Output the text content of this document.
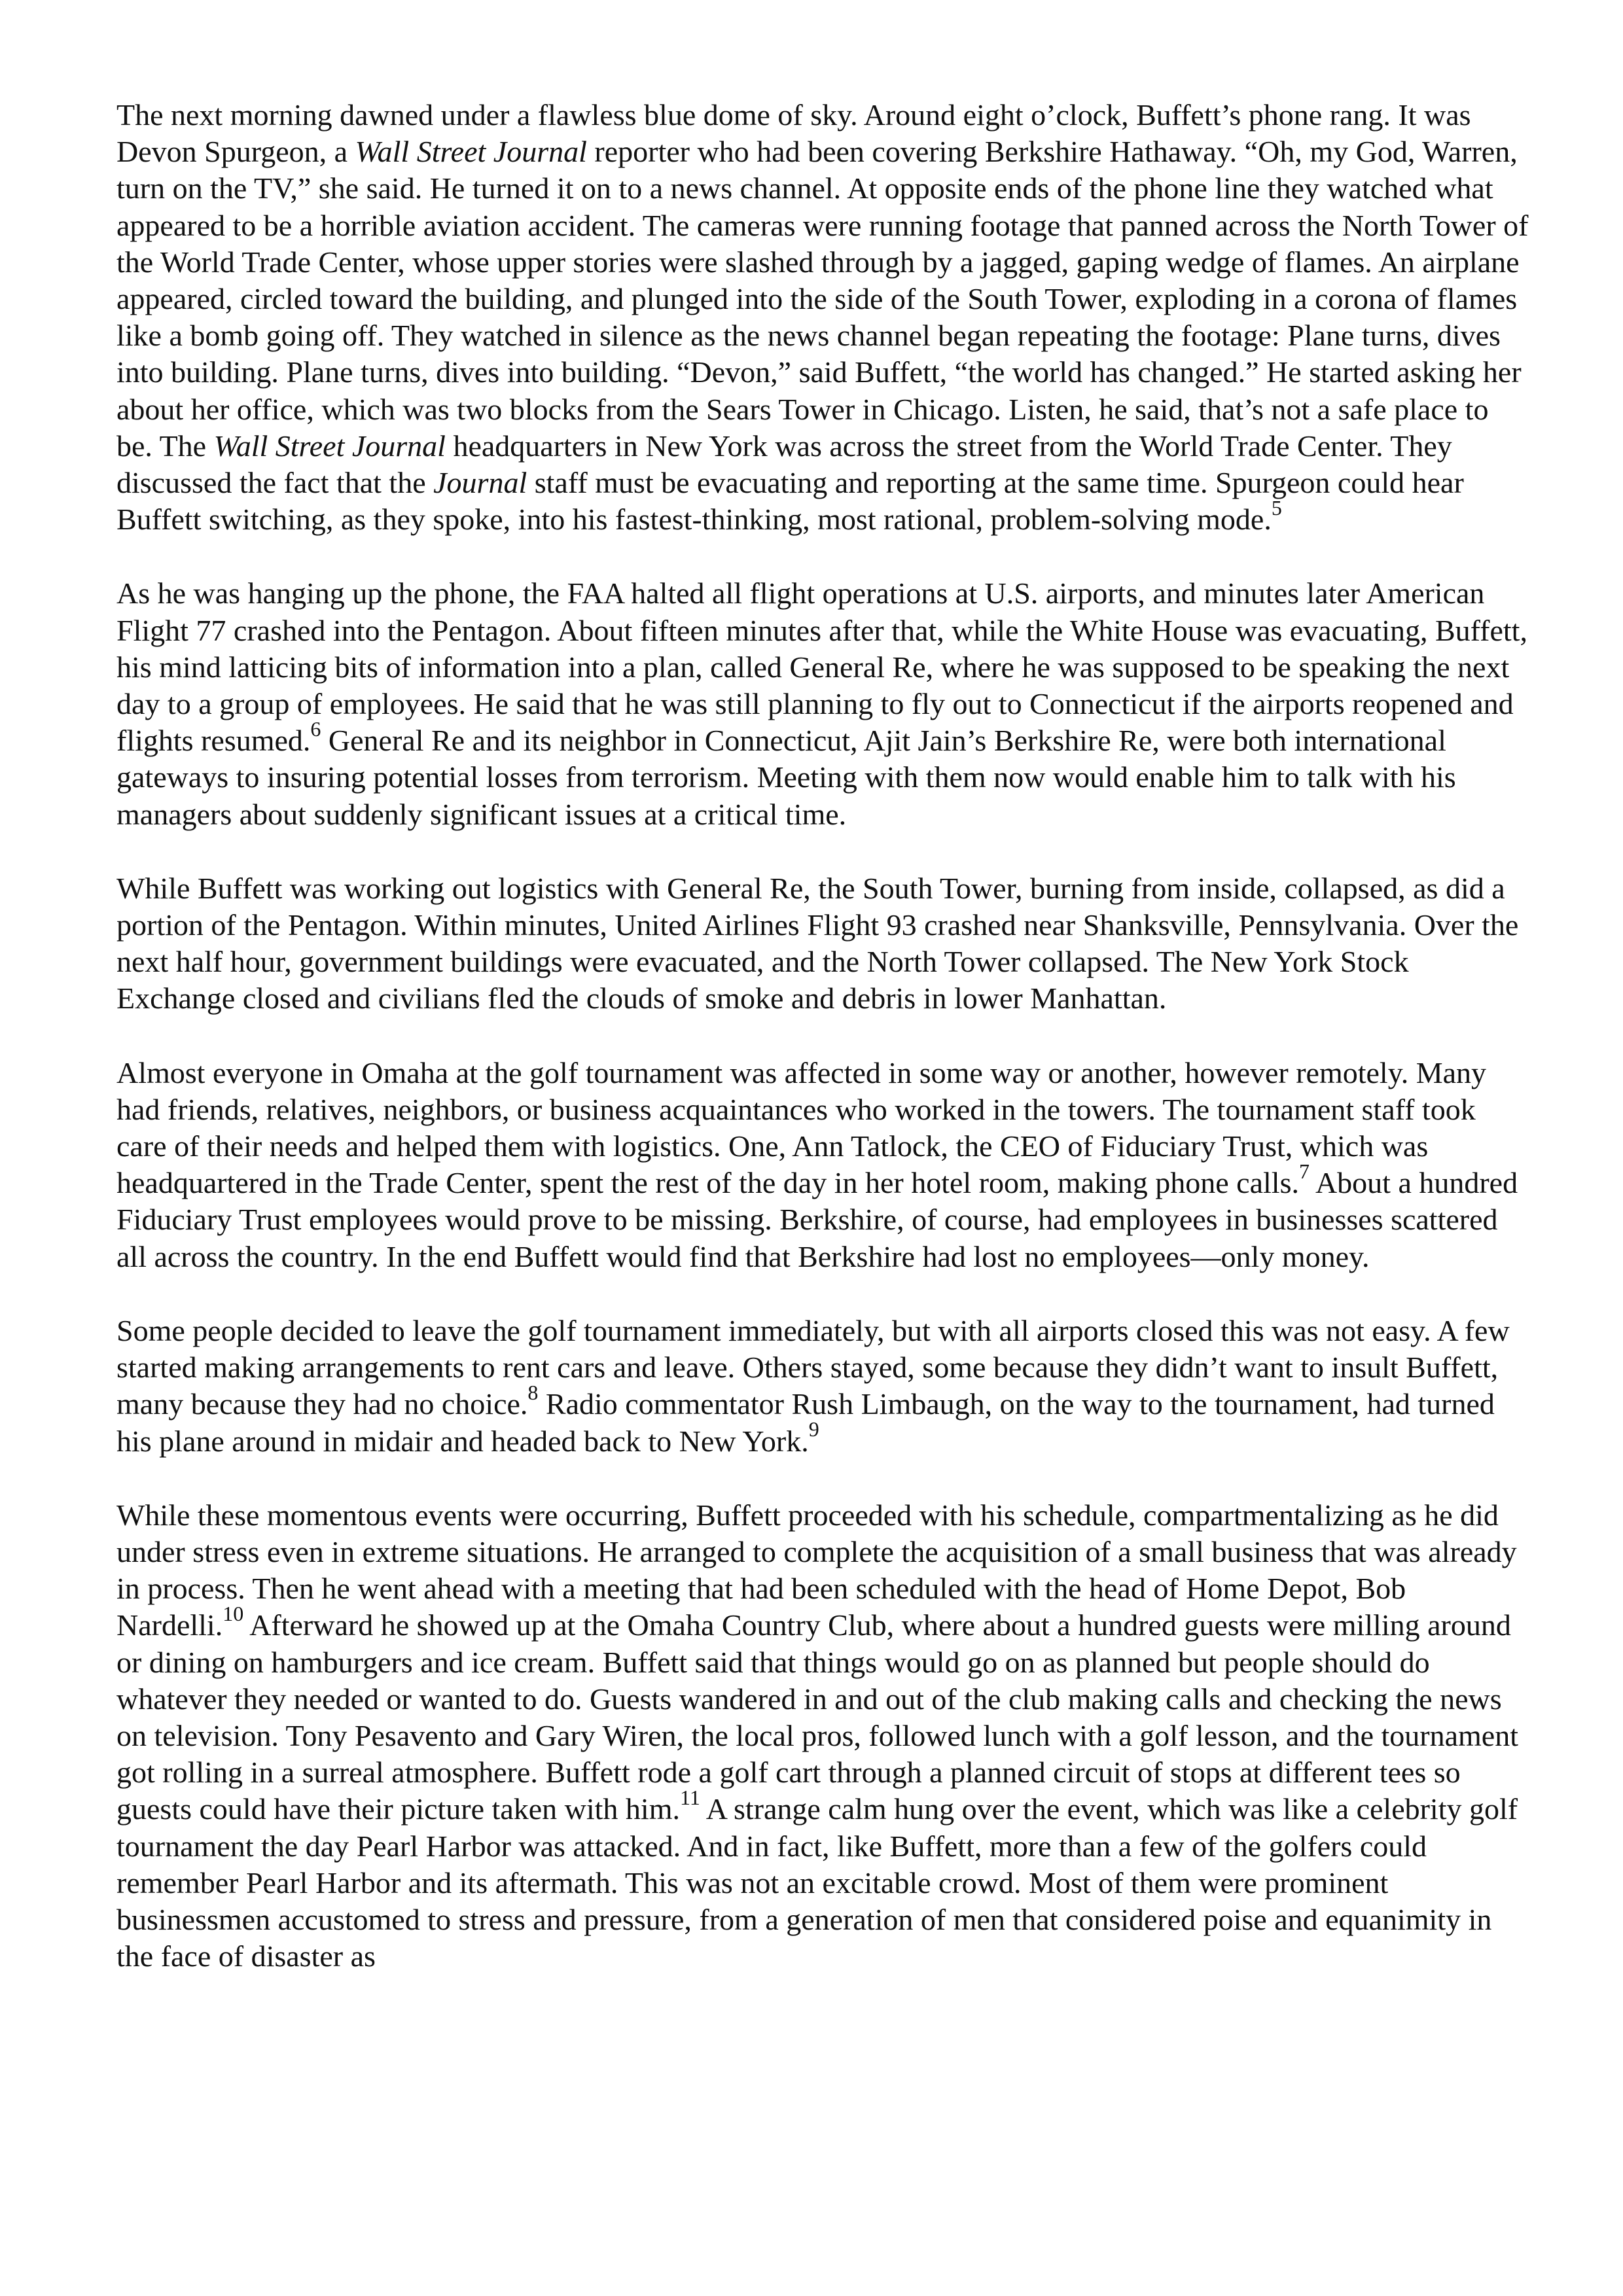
The next morning dawned under a flawless blue dome of sky. Around eight o’clock, Buffett’s phone rang. It was Devon Spurgeon, a Wall Street Journal reporter who had been covering Berkshire Hathaway. “Oh, my God, Warren, turn on the TV,” she said. He turned it on to a news channel. At opposite ends of the phone line they watched what appeared to be a horrible aviation accident. The cameras were running footage that panned across the North Tower of the World Trade Center, whose upper stories were slashed through by a jagged, gaping wedge of flames. An airplane appeared, circled toward the building, and plunged into the side of the South Tower, exploding in a corona of flames like a bomb going off. They watched in silence as the news channel began repeating the footage: Plane turns, dives into building. Plane turns, dives into building. “Devon,” said Buffett, “the world has changed.” He started asking her about her office, which was two blocks from the Sears Tower in Chicago. Listen, he said, that’s not a safe place to be. The Wall Street Journal headquarters in New York was across the street from the World Trade Center. They discussed the fact that the Journal staff must be evacuating and reporting at the same time. Spurgeon could hear Buffett switching, as they spoke, into his fastest-thinking, most rational, problem-solving mode.$^5$

As he was hanging up the phone, the FAA halted all flight operations at U.S. airports, and minutes later American Flight 77 crashed into the Pentagon. About fifteen minutes after that, while the White House was evacuating, Buffett, his mind latticing bits of information into a plan, called General Re, where he was supposed to be speaking the next day to a group of employees. He said that he was still planning to fly out to Connecticut if the airports reopened and flights resumed.$^6$ General Re and its neighbor in Connecticut, Ajit Jain’s Berkshire Re, were both international gateways to insuring potential losses from terrorism. Meeting with them now would enable him to talk with his managers about suddenly significant issues at a critical time.

While Buffett was working out logistics with General Re, the South Tower, burning from inside, collapsed, as did a portion of the Pentagon. Within minutes, United Airlines Flight 93 crashed near Shanksville, Pennsylvania. Over the next half hour, government buildings were evacuated, and the North Tower collapsed. The New York Stock Exchange closed and civilians fled the clouds of smoke and debris in lower Manhattan.

Almost everyone in Omaha at the golf tournament was affected in some way or another, however remotely. Many had friends, relatives, neighbors, or business acquaintances who worked in the towers. The tournament staff took care of their needs and helped them with logistics. One, Ann Tatlock, the CEO of Fiduciary Trust, which was headquartered in the Trade Center, spent the rest of the day in her hotel room, making phone calls.$^7$ About a hundred Fiduciary Trust employees would prove to be missing. Berkshire, of course, had employees in businesses scattered all across the country. In the end Buffett would find that Berkshire had lost no employees—only money.

Some people decided to leave the golf tournament immediately, but with all airports closed this was not easy. A few started making arrangements to rent cars and leave. Others stayed, some because they didn’t want to insult Buffett, many because they had no choice.$^8$ Radio commentator Rush Limbaugh, on the way to the tournament, had turned his plane around in midair and headed back to New York.$^9$

While these momentous events were occurring, Buffett proceeded with his schedule, compartmentalizing as he did under stress even in extreme situations. He arranged to complete the acquisition of a small business that was already in process. Then he went ahead with a meeting that had been scheduled with the head of Home Depot, Bob Nardelli.$^{10}$ Afterward he showed up at the Omaha Country Club, where about a hundred guests were milling around or dining on hamburgers and ice cream. Buffett said that things would go on as planned but people should do whatever they needed or wanted to do. Guests wandered in and out of the club making calls and checking the news on television. Tony Pesavento and Gary Wiren, the local pros, followed lunch with a golf lesson, and the tournament got rolling in a surreal atmosphere. Buffett rode a golf cart through a planned circuit of stops at different tees so guests could have their picture taken with him.$^{11}$ A strange calm hung over the event, which was like a celebrity golf tournament the day Pearl Harbor was attacked. And in fact, like Buffett, more than a few of the golfers could remember Pearl Harbor and its aftermath. This was not an excitable crowd. Most of them were prominent businessmen accustomed to stress and pressure, from a generation of men that considered poise and equanimity in the face of disaster as
